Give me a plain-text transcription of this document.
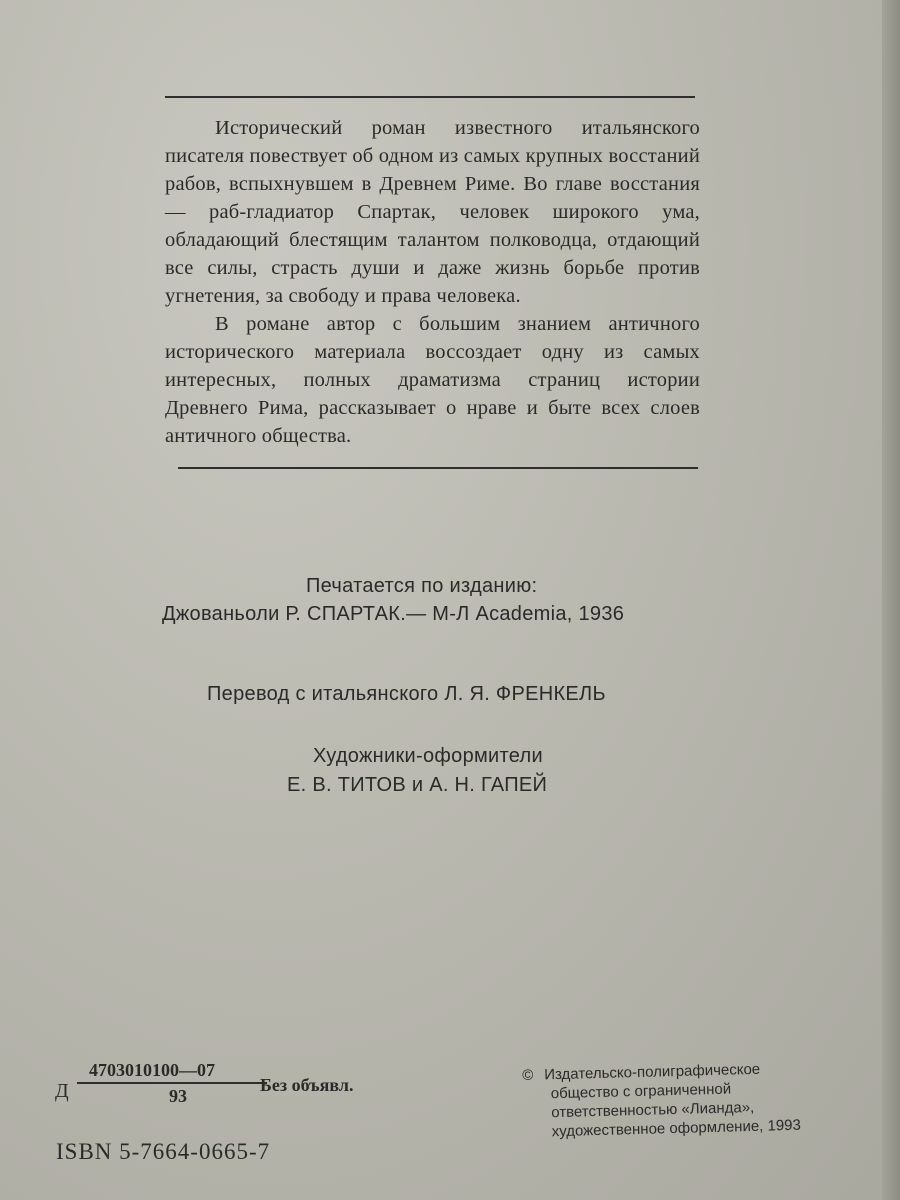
Исторический роман известного итальянского писателя повествует об одном из самых крупных восстаний рабов, вспыхнувшем в Древнем Риме. Во главе восстания — раб-гладиатор Спартак, человек широкого ума, обладающий блестящим талантом полководца, отдающий все силы, страсть души и даже жизнь борьбе против угнетения, за свободу и права человека.

В романе автор с большим знанием античного исторического материала воссоздает одну из самых интересных, полных драматизма страниц истории Древнего Рима, рассказывает о нраве и быте всех слоев античного общества.

Печатается по изданию:
Джованьоли Р. СПАРТАК.— М-Л Academia, 1936
Перевод с итальянского Л. Я. ФРЕНКЕЛЬ
Художники-оформители
Е. В. ТИТОВ и А. Н. ГАПЕЙ
Д
4703010100—07
93
Без объявл.
ISBN 5-7664-0665-7
© Издательско-полиграфическое
общество с ограниченной
ответственностью «Лианда»,
художественное оформление, 1993
